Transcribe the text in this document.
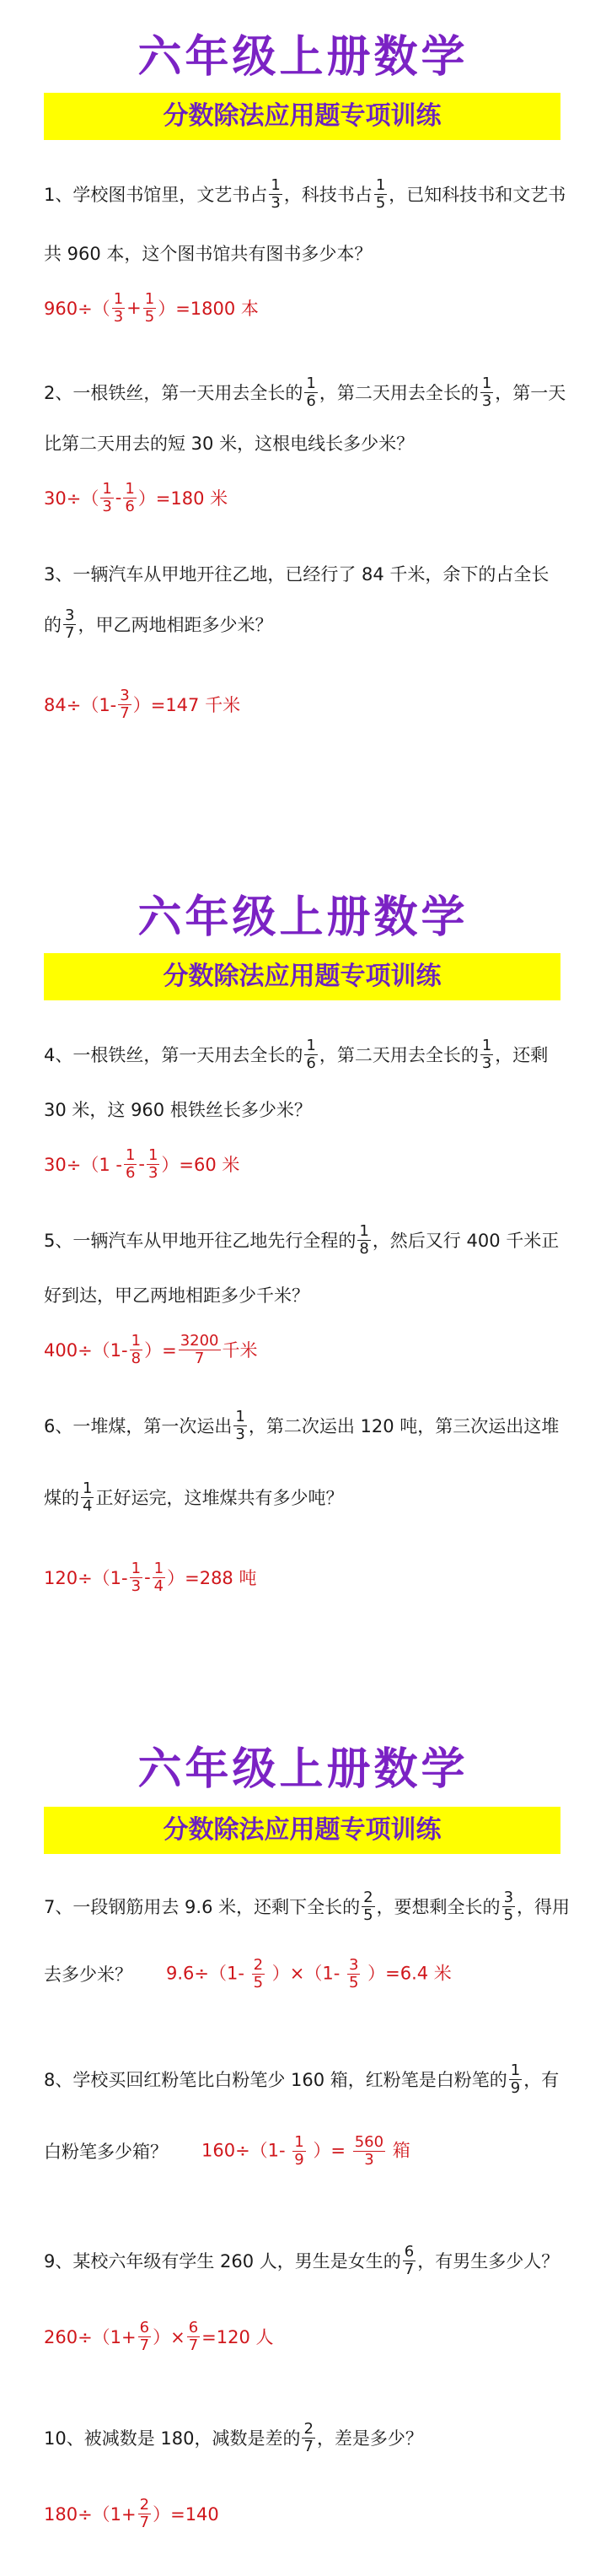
六年级上册数学
分数除法应用题专项训练
1、学校图书馆里，文艺书占 $\frac{1}{3}$ ，科技书占 $\frac{1}{5}$ ，已知科技书和文艺书
共 960 本，这个图书馆共有图书多少本？
$960\div( \frac{1}{3} + \frac{1}{5} )=1800$ 本
2、一根铁丝，第一天用去全长的 $\frac{1}{6}$ ，第二天用去全长的 $\frac{1}{3}$ ，第一天
比第二天用去的短 30 米，这根电线长多少米？
$30\div( \frac{1}{3} - \frac{1}{6} )=180$ 米
3、一辆汽车从甲地开往乙地，已经行了 84 千米，余下的占全长
的 $\frac{3}{7}$ ，甲乙两地相距多少米？
$84\div(1- \frac{3}{7} )=147$ 千米
六年级上册数学
分数除法应用题专项训练
4、一根铁丝，第一天用去全长的 $\frac{1}{6}$ ，第二天用去全长的 $\frac{1}{3}$ ，还剩
30 米，这 960 根铁丝长多少米？
$30\div(1 - \frac{1}{6} - \frac{1}{3} )=60$ 米
5、一辆汽车从甲地开往乙地先行全程的 $\frac{1}{8}$ ，然后又行 400 千米正
好到达，甲乙两地相距多少千米？
$400\div(1- \frac{1}{8}$ ）= $\frac{3200}{7}$ 千米
6、一堆煤，第一次运出 $\frac{1}{3}$ ，第二次运出 120 吨，第三次运出这堆
煤的 $\frac{1}{4}$ 正好运完，这堆煤共有多少吨？
$120\div(1- \frac{1}{3} - \frac{1}{4} )=288$ 吨
六年级上册数学
分数除法应用题专项训练
7、一段钢筋用去 9.6 米，还剩下全长的 $\frac{2}{5}$ ，要想剩全长的 $\frac{3}{5}$ ，得用
去多少米？ $9.6\div(1- \frac{2}{5} )\times(1- \frac{3}{5} )=6.4$ 米
8、学校买回红粉笔比白粉笔少 160 箱，红粉笔是白粉笔的 $\frac{1}{9}$ ，有
白粉笔多少箱？ $160\div(1- \frac{1}{9}$ ）= $\frac{560}{3}$ 箱
9、某校六年级有学生 260 人，男生是女生的 $\frac{6}{7}$ ，有男生多少人？
$260\div(1+ \frac{6}{7}$ ）× $\frac{6}{7} =120$ 人
10、被减数是 180，减数是差的 $\frac{2}{7}$ ，差是多少？
$180\div(1+ \frac{2}{7} )=140$
